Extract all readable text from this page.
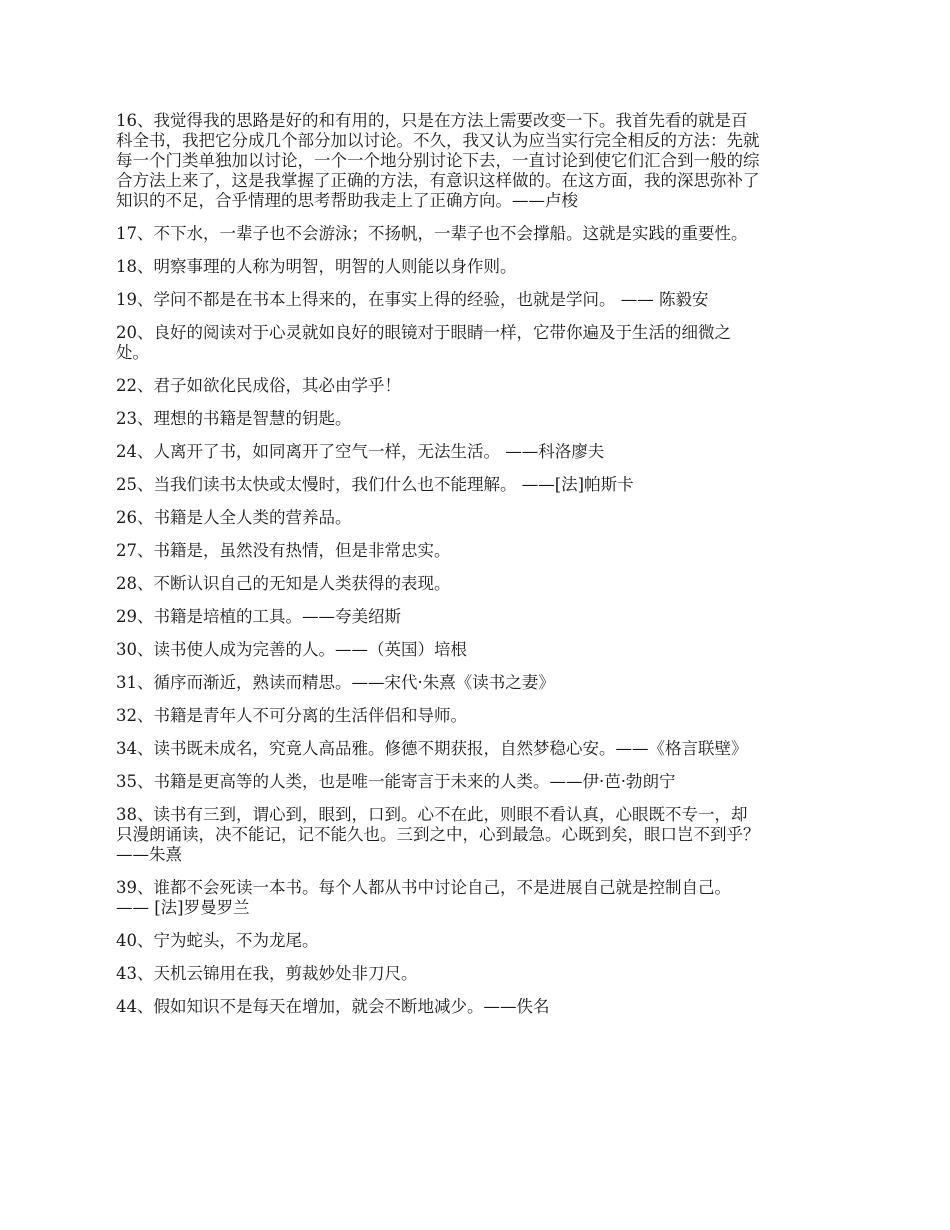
16、我觉得我的思路是好的和有用的，只是在方法上需要改变一下。我首先看的就是百
科全书，我把它分成几个部分加以讨论。不久，我又认为应当实行完全相反的方法：先就
每一个门类单独加以讨论，一个一个地分别讨论下去，一直讨论到使它们汇合到一般的综
合方法上来了，这是我掌握了正确的方法，有意识这样做的。在这方面，我的深思弥补了
知识的不足，合乎情理的思考帮助我走上了正确方向。——卢梭

17、不下水，一辈子也不会游泳；不扬帆，一辈子也不会撑船。这就是实践的重要性。

18、明察事理的人称为明智，明智的人则能以身作则。

19、学问不都是在书本上得来的，在事实上得的经验，也就是学问。 —— 陈毅安

20、良好的阅读对于心灵就如良好的眼镜对于眼睛一样，它带你遍及于生活的细微之
处。

22、君子如欲化民成俗，其必由学乎！

23、理想的书籍是智慧的钥匙。

24、人离开了书，如同离开了空气一样，无法生活。 ——科洛廖夫

25、当我们读书太快或太慢时，我们什么也不能理解。 ——[法]帕斯卡

26、书籍是人全人类的营养品。

27、书籍是，虽然没有热情，但是非常忠实。

28、不断认识自己的无知是人类获得的表现。

29、书籍是培植的工具。——夸美绍斯

30、读书使人成为完善的人。——（英国）培根

31、循序而渐近，熟读而精思。——宋代·朱熹《读书之妻》

32、书籍是青年人不可分离的生活伴侣和导师。

34、读书既未成名，究竟人高品雅。修德不期获报，自然梦稳心安。——《格言联壁》

35、书籍是更高等的人类，也是唯一能寄言于未来的人类。——伊·芭·勃朗宁

38、读书有三到，谓心到，眼到，口到。心不在此，则眼不看认真，心眼既不专一，却
只漫朗诵读，决不能记，记不能久也。三到之中，心到最急。心既到矣，眼口岂不到乎？
——朱熹

39、谁都不会死读一本书。每个人都从书中讨论自己，不是进展自己就是控制自己。
—— [法]罗曼罗兰

40、宁为蛇头，不为龙尾。

43、天机云锦用在我，剪裁妙处非刀尺。

44、假如知识不是每天在增加，就会不断地减少。——佚名
